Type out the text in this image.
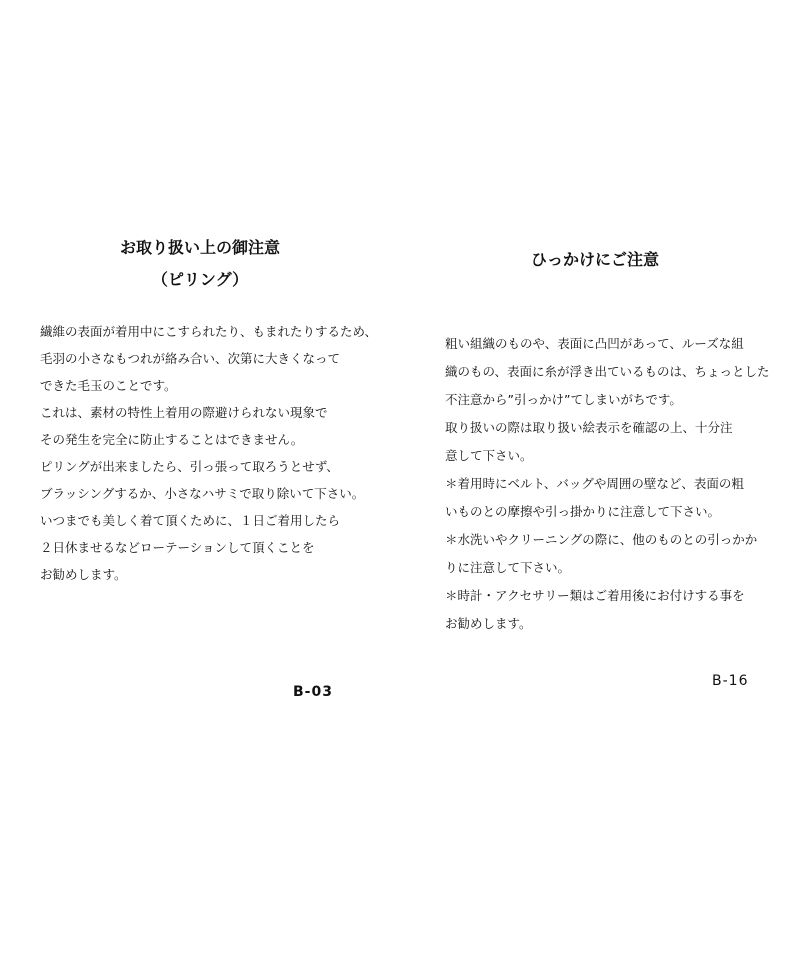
お取り扱い上の御注意
（ピリング）
繊維の表面が着用中にこすられたり、もまれたりするため、
毛羽の小さなもつれが絡み合い、次第に大きくなって
できた毛玉のことです。
これは、素材の特性上着用の際避けられない現象で
その発生を完全に防止することはできません。
ピリングが出来ましたら、引っ張って取ろうとせず、
ブラッシングするか、小さなハサミで取り除いて下さい。
いつまでも美しく着て頂くために、１日ご着用したら
２日休ませるなどローテーションして頂くことを
お勧めします。
B-03
ひっかけにご注意
粗い組織のものや、表面に凸凹があって、ルーズな組
織のもの、表面に糸が浮き出ているものは、ちょっとした
不注意から”引っかけ”てしまいがちです。
取り扱いの際は取り扱い絵表示を確認の上、十分注
意して下さい。
＊着用時にベルト、バッグや周囲の壁など、表面の粗
いものとの摩擦や引っ掛かりに注意して下さい。
＊水洗いやクリーニングの際に、他のものとの引っかか
りに注意して下さい。
＊時計・アクセサリー類はご着用後にお付けする事を
お勧めします。
B-16
